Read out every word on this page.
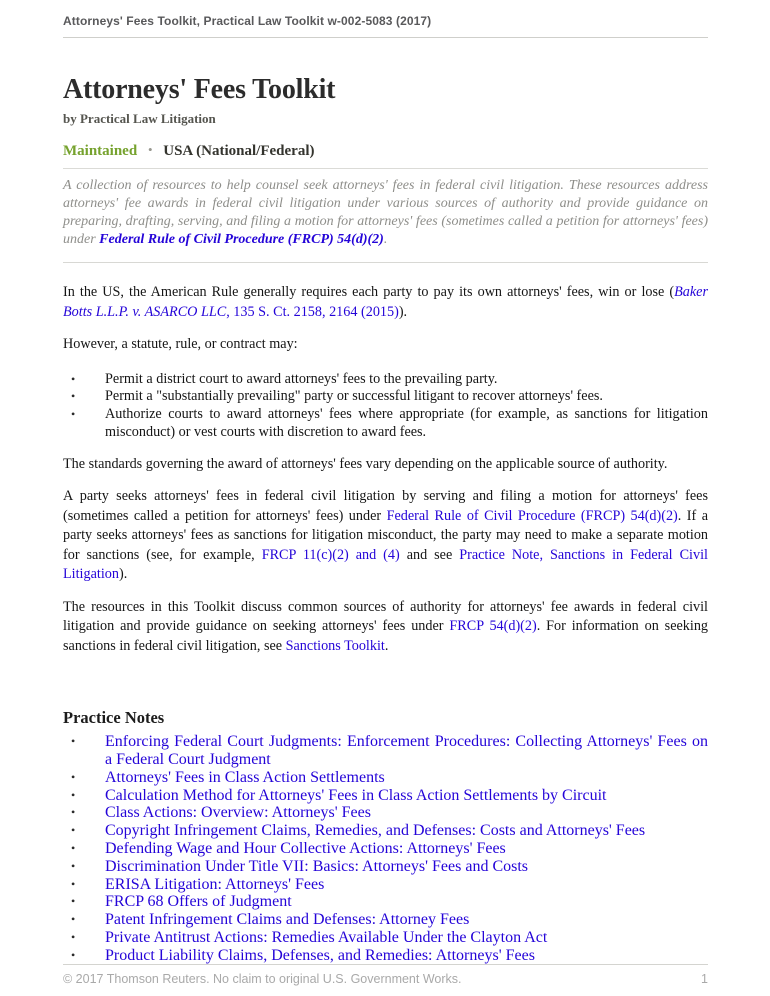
Attorneys' Fees Toolkit, Practical Law Toolkit w-002-5083 (2017)
Attorneys' Fees Toolkit
by Practical Law Litigation
Maintained • USA (National/Federal)

A collection of resources to help counsel seek attorneys' fees in federal civil litigation. These resources address attorneys' fee awards in federal civil litigation under various sources of authority and provide guidance on preparing, drafting, serving, and filing a motion for attorneys' fees (sometimes called a petition for attorneys' fees) under Federal Rule of Civil Procedure (FRCP) 54(d)(2).

In the US, the American Rule generally requires each party to pay its own attorneys' fees, win or lose (Baker Botts L.L.P. v. ASARCO LLC, 135 S. Ct. 2158, 2164 (2015)).

However, a statute, rule, or contract may:

• Permit a district court to award attorneys' fees to the prevailing party.
• Permit a "substantially prevailing" party or successful litigant to recover attorneys' fees.
• Authorize courts to award attorneys' fees where appropriate (for example, as sanctions for litigation misconduct) or vest courts with discretion to award fees.

The standards governing the award of attorneys' fees vary depending on the applicable source of authority.

A party seeks attorneys' fees in federal civil litigation by serving and filing a motion for attorneys' fees (sometimes called a petition for attorneys' fees) under Federal Rule of Civil Procedure (FRCP) 54(d)(2). If a party seeks attorneys' fees as sanctions for litigation misconduct, the party may need to make a separate motion for sanctions (see, for example, FRCP 11(c)(2) and (4) and see Practice Note, Sanctions in Federal Civil Litigation).

The resources in this Toolkit discuss common sources of authority for attorneys' fee awards in federal civil litigation and provide guidance on seeking attorneys' fees under FRCP 54(d)(2). For information on seeking sanctions in federal civil litigation, see Sanctions Toolkit.

Practice Notes
• Enforcing Federal Court Judgments: Enforcement Procedures: Collecting Attorneys' Fees on a Federal Court Judgment
• Attorneys' Fees in Class Action Settlements
• Calculation Method for Attorneys' Fees in Class Action Settlements by Circuit
• Class Actions: Overview: Attorneys' Fees
• Copyright Infringement Claims, Remedies, and Defenses: Costs and Attorneys' Fees
• Defending Wage and Hour Collective Actions: Attorneys' Fees
• Discrimination Under Title VII: Basics: Attorneys' Fees and Costs
• ERISA Litigation: Attorneys' Fees
• FRCP 68 Offers of Judgment
• Patent Infringement Claims and Defenses: Attorney Fees
• Private Antitrust Actions: Remedies Available Under the Clayton Act
• Product Liability Claims, Defenses, and Remedies: Attorneys' Fees
© 2017 Thomson Reuters. No claim to original U.S. Government Works.	1
